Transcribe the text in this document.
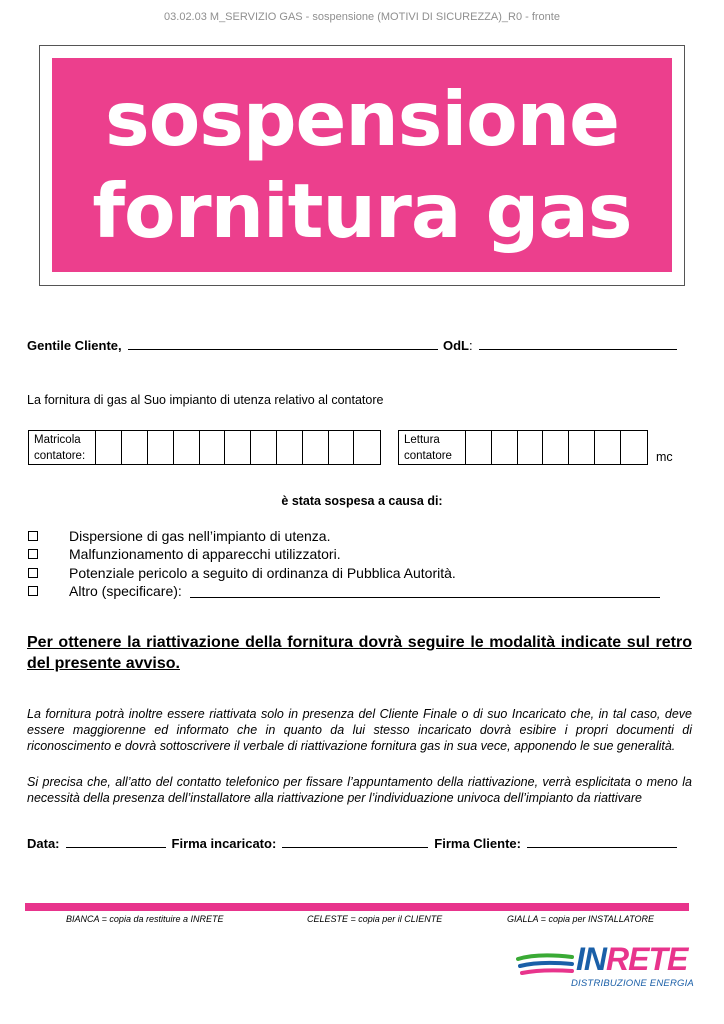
03.02.03 M_SERVIZIO GAS - sospensione (MOTIVI DI SICUREZZA)_R0 - fronte
sospensione
fornitura gas
Gentile Cliente,	OdL:
La fornitura di gas al Suo impianto di utenza relativo al contatore
Matricola
contatore:
Lettura
contatore	mc
è stata sospesa a causa di:
Dispersione di gas nell’impianto di utenza.
Malfunzionamento di apparecchi utilizzatori.
Potenziale pericolo a seguito di ordinanza di Pubblica Autorità.
Altro (specificare):
Per ottenere la riattivazione della fornitura dovrà seguire le modalità indicate sul retro del presente avviso.
La fornitura potrà inoltre essere riattivata solo in presenza del Cliente Finale o di suo Incaricato che, in tal caso, deve essere maggiorenne ed informato che in quanto da lui stesso incaricato dovrà esibire i propri documenti di riconoscimento e dovrà sottoscrivere il verbale di riattivazione fornitura gas in sua vece, apponendo le sue generalità.
Si precisa che, all’atto del contatto telefonico per fissare l’appuntamento della riattivazione, verrà esplicitata o meno la necessità della presenza dell’installatore alla riattivazione per l’individuazione univoca dell’impianto da riattivare
Data:	Firma incaricato:	Firma Cliente:
BIANCA = copia da restituire a INRETE	CELESTE = copia per il CLIENTE	GIALLA = copia per INSTALLATORE
INRETE
DISTRIBUZIONE ENERGIA
